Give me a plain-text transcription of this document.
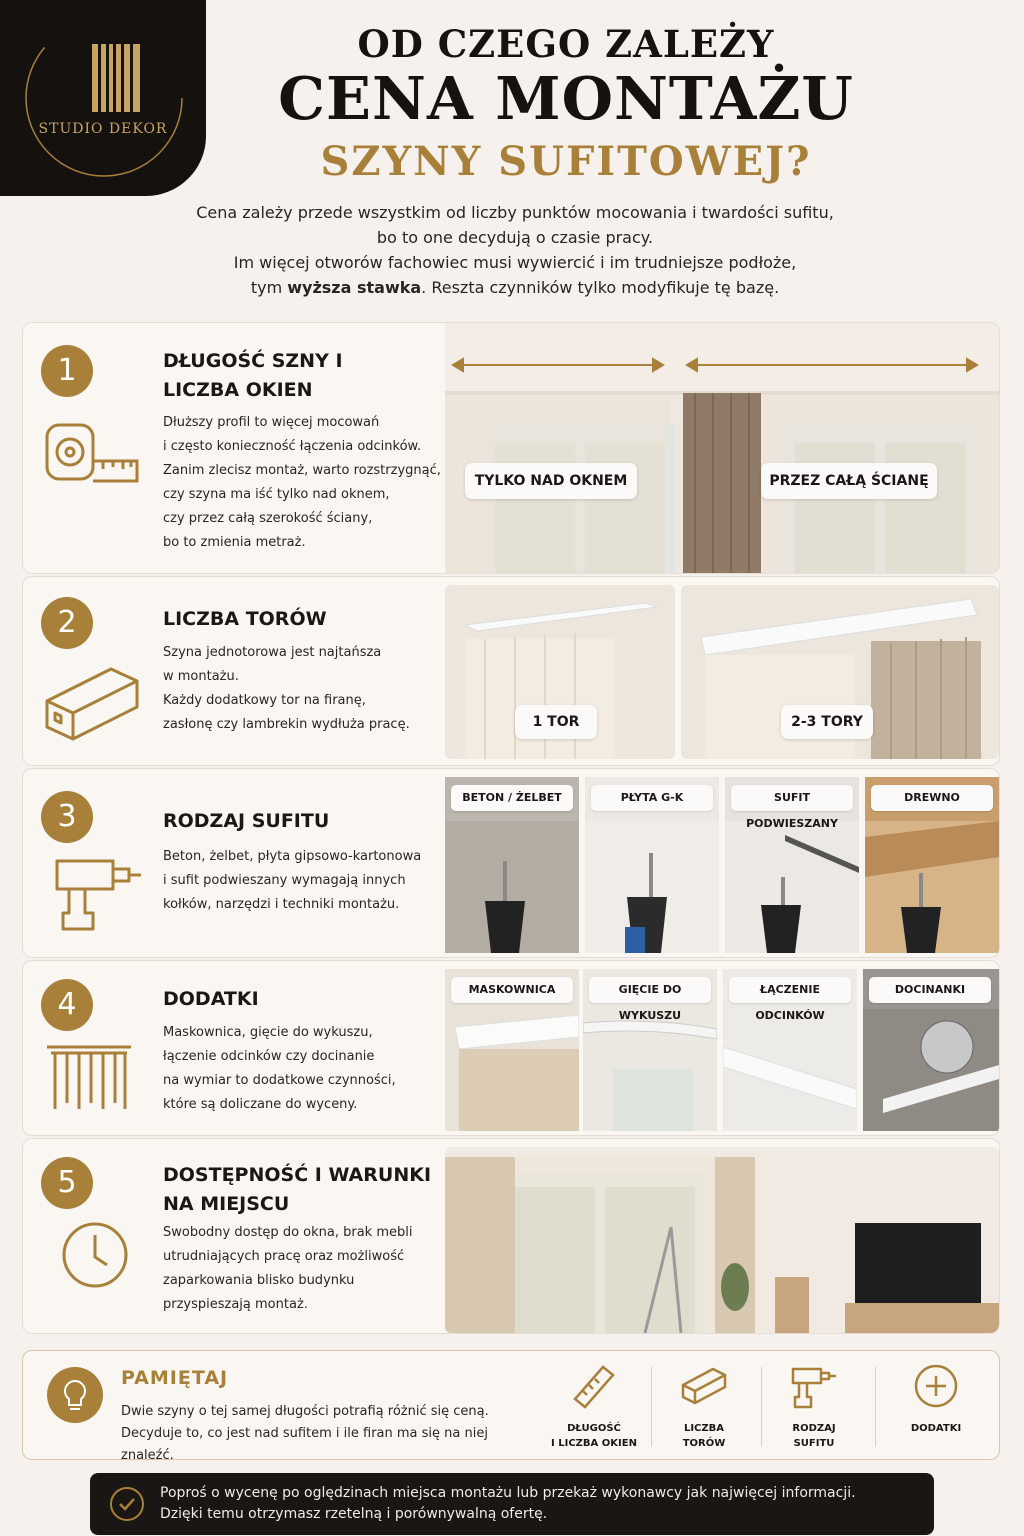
STUDIO DEKOR
OD CZEGO ZALEŻY
CENA MONTAŻU
SZYNY SUFITOWEJ?
Cena zależy przede wszystkim od liczby punktów mocowania i twardości sufitu,
bo to one decydują o czasie pracy.
Im więcej otworów fachowiec musi wywiercić i im trudniejsze podłoże,
tym wyższa stawka. Reszta czynników tylko modyfikuje tę bazę.
1	DŁUGOŚĆ SZNY I
LICZBA OKIEN
Dłuższy profil to więcej mocowań
i często konieczność łączenia odcinków.
Zanim zlecisz montaż, warto rozstrzygnąć,
czy szyna ma iść tylko nad oknem,
czy przez całą szerokość ściany,
bo to zmienia metraż.
TYLKO NAD OKNEM	PRZEZ CAŁĄ ŚCIANĘ
2	LICZBA TORÓW
Szyna jednotorowa jest najtańsza
w montażu.
Każdy dodatkowy tor na firanę,
zasłonę czy lambrekin wydłuża pracę.	1 TOR	2-3 TORY
3	RODZAJ SUFITU
Beton, żelbet, płyta gipsowo-kartonowa
i sufit podwieszany wymagają innych
kołków, narzędzi i techniki montażu.
BETON / ŻELBET	PŁYTA G-K	SUFIT PODWIESZANY
DREWNO
4	DODATKI
Maskownica, gięcie do wykuszu,
łączenie odcinków czy docinanie
na wymiar to dodatkowe czynności,
które są doliczane do wyceny.
MASKOWNICA	GIĘCIE DO WYKUSZU
ŁĄCZENIE ODCINKÓW
DOCINANKI
5	DOSTĘPNOŚĆ I WARUNKI
NA MIEJSCU
Swobodny dostęp do okna, brak mebli
utrudniających pracę oraz możliwość
zaparkowania blisko budynku
przyspieszają montaż.
PAMIĘTAJ
Dwie szyny o tej samej długości potrafią różnić się ceną.
Decyduje to, co jest nad sufitem i ile firan ma się na niej znaleźć.
DŁUGOŚĆ
I LICZBA OKIEN
LICZBA
TORÓW
RODZAJ
SUFITU
DODATKI
Poproś o wycenę po oględzinach miejsca montażu lub przekaż wykonawcy jak najwięcej informacji.
Dzięki temu otrzymasz rzetelną i porównywalną ofertę.
